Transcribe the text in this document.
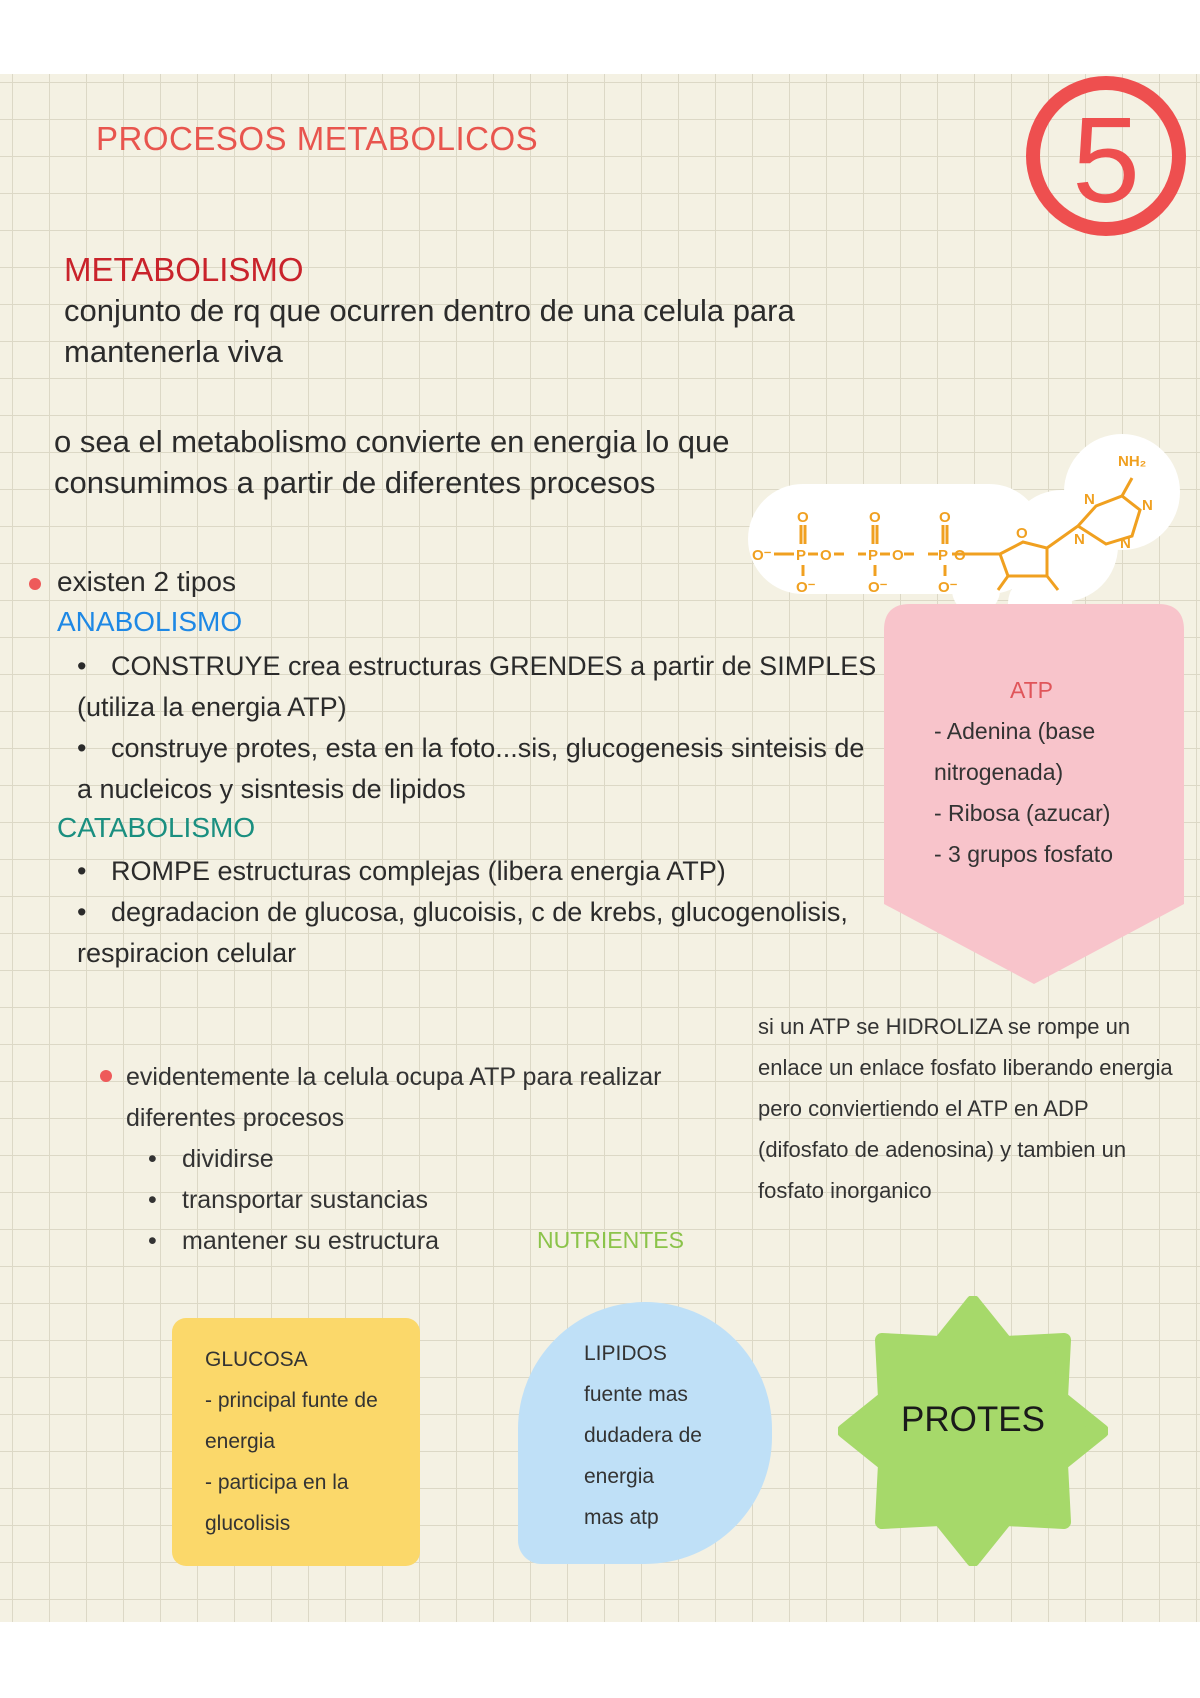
PROCESOS METABOLICOS	5
METABOLISMO
conjunto de rq que ocurren dentro de una celula para mantenerla viva
o sea el metabolismo convierte en energia lo que consumimos a partir de diferentes procesos
existen 2 tipos
ANABOLISMO
• CONSTRUYE crea estructuras GRENDES a partir de SIMPLES (utiliza la energia ATP)
• construye protes, esta en la foto...sis, glucogenesis sinteisis de a nucleicos y sisntesis de lipidos
CATABOLISMO
• ROMPE estructuras complejas (libera energia ATP)
• degradacion de glucosa, glucoisis, c de krebs, glucogenolisis, respiracion celular
O⁻ P O P O P O
O	O	O
O⁻	O⁻	O⁻
O	N
N	N
N
NH₂
ATP
- Adenina (base nitrogenada)
- Ribosa (azucar)
- 3 grupos fosfato
si un ATP se HIDROLIZA se rompe un enlace un enlace fosfato liberando energia pero conviertiendo el ATP en ADP (difosfato de adenosina) y tambien un fosfato inorganico
evidentemente la celula ocupa ATP para realizar diferentes procesos
• dividirse
• transportar sustancias
• mantener su estructura	NUTRIENTES
GLUCOSA
- principal funte de energia
- participa en la glucolisis
LIPIDOS
fuente mas dudadera de energia
mas atp
PROTES
